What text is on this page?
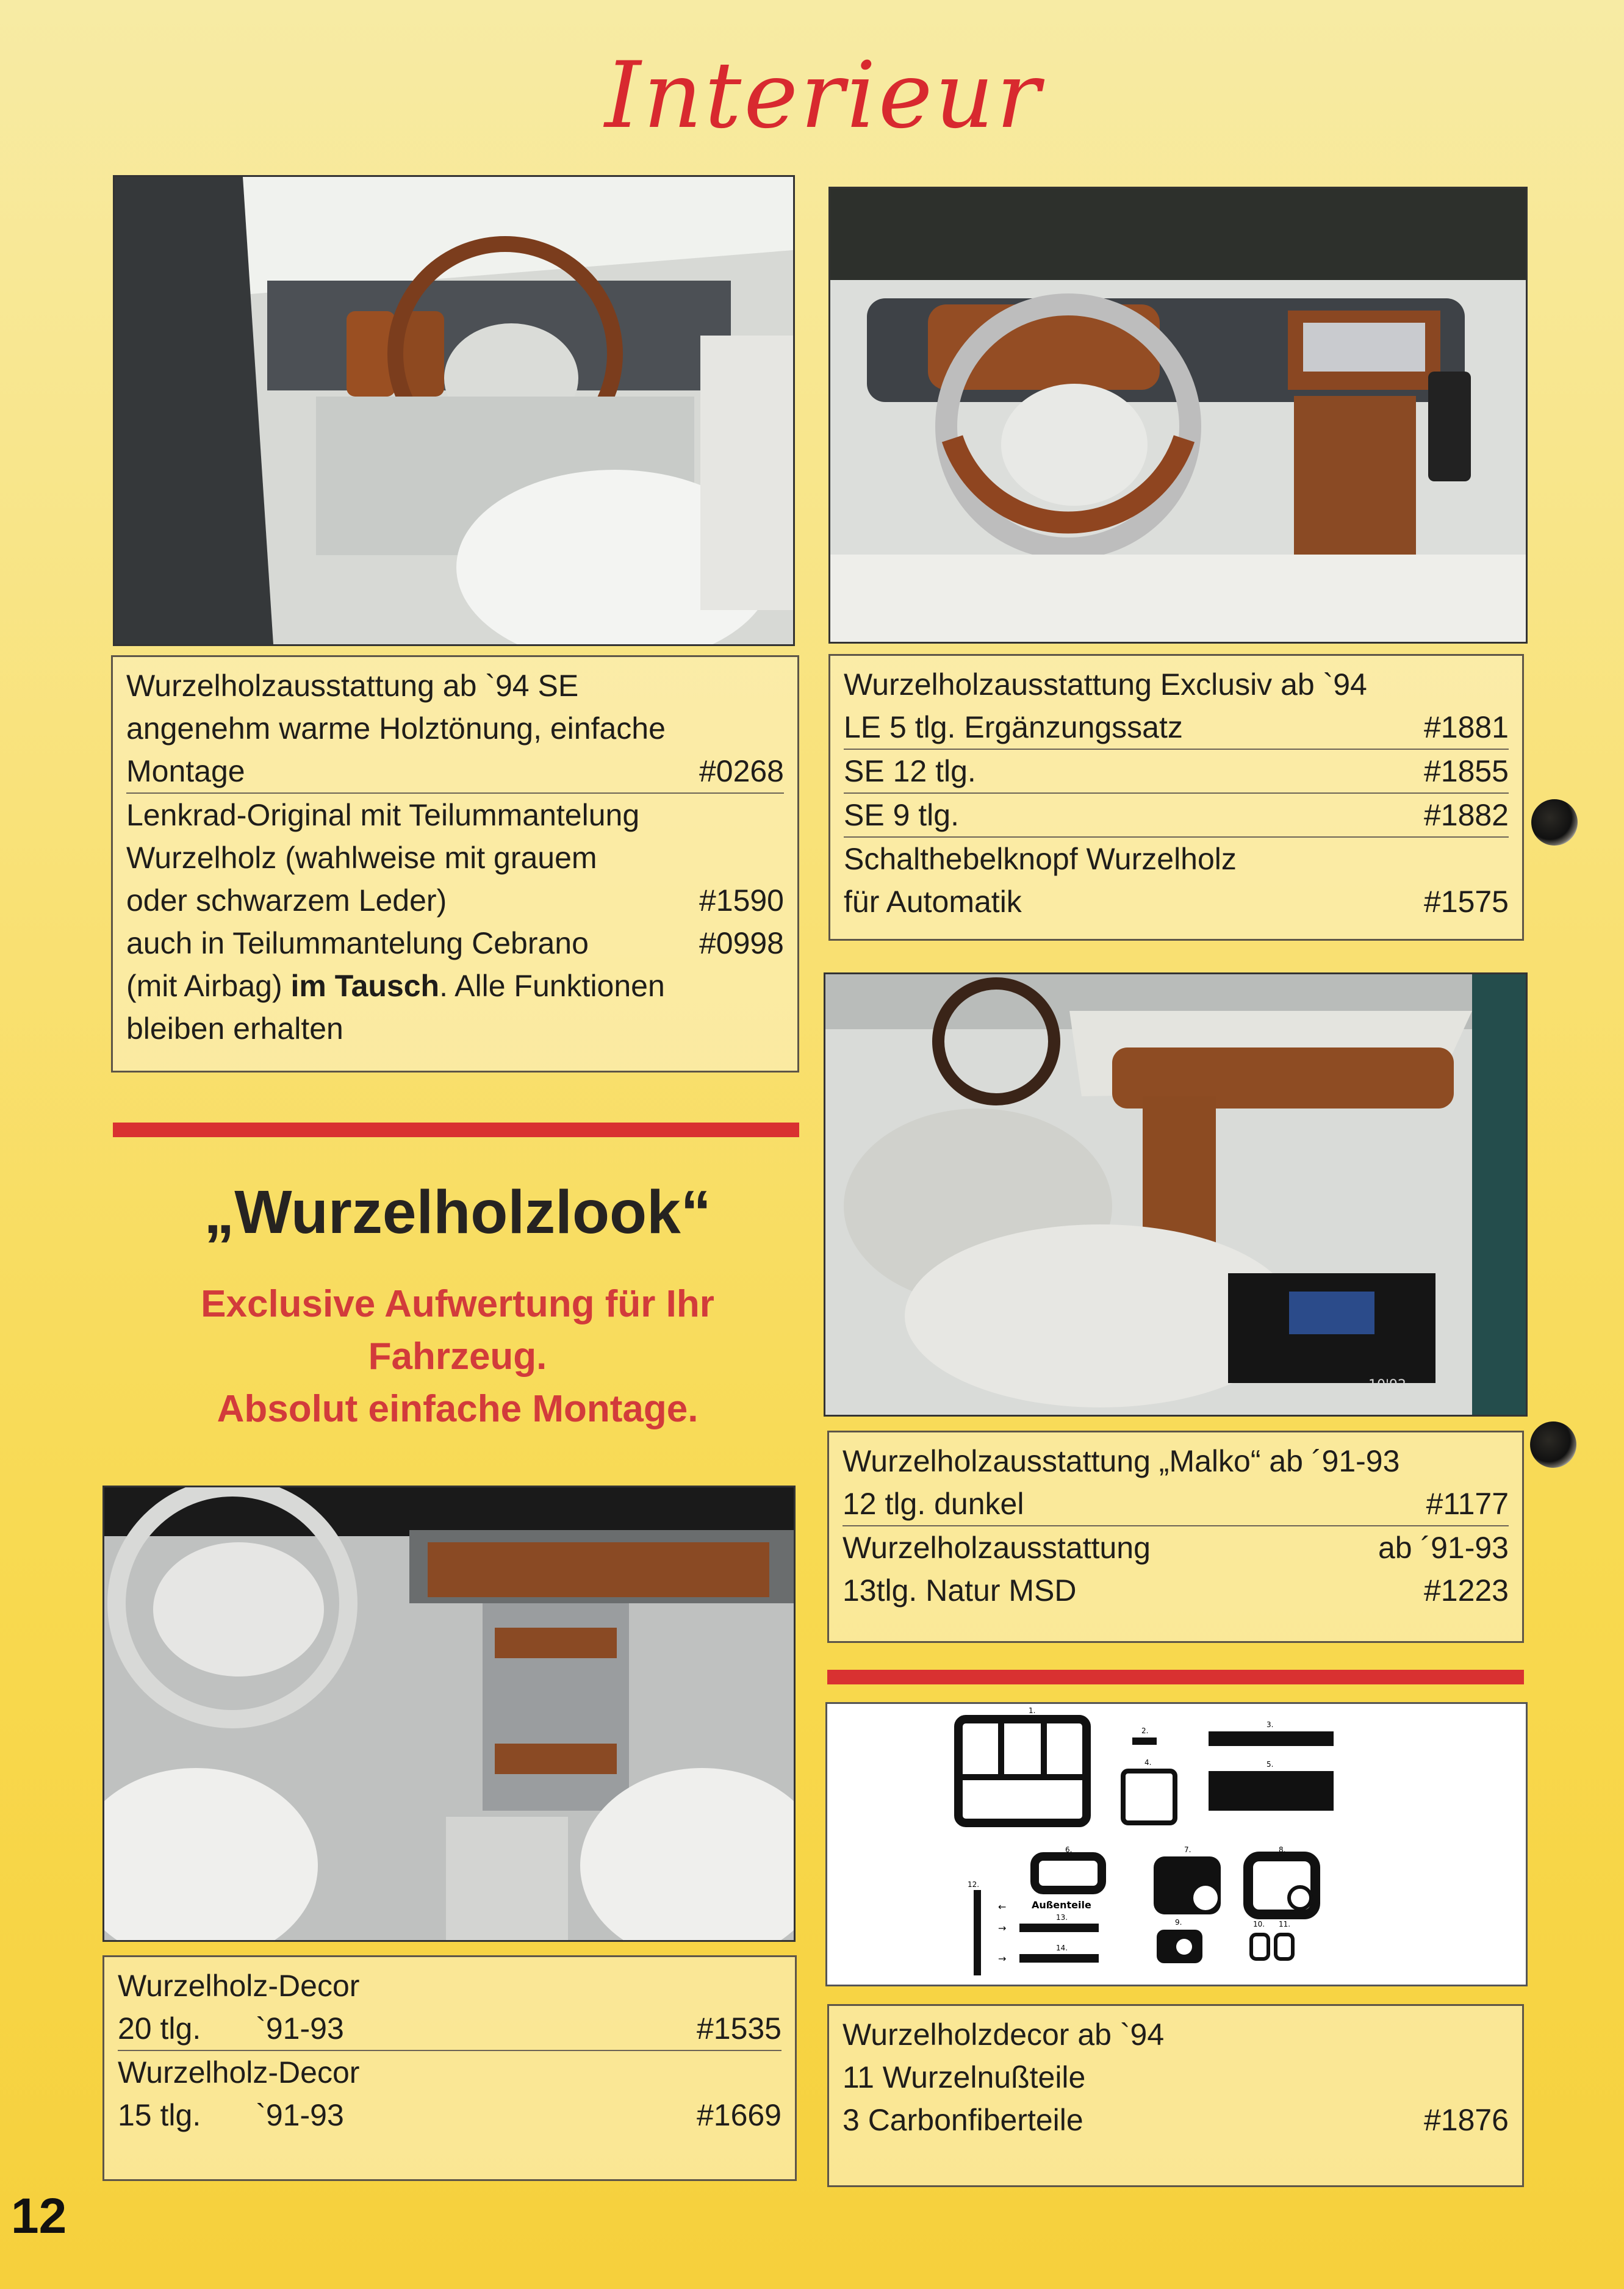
Interieur
Wurzelholzausstattung ab `94 SE
angenehm warme Holztönung, einfache
Montage	#0268
Lenkrad-Original mit Teilummantelung
Wurzelholz (wahlweise mit grauem
oder schwarzem Leder)	#1590
auch in Teilummantelung Cebrano	#0998
(mit Airbag) im Tausch. Alle Funktionen
bleiben erhalten
Wurzelholzausstattung Exclusiv ab `94
LE 5 tlg. Ergänzungssatz	#1881
SE 12 tlg.	#1855
SE 9 tlg.	#1882
Schalthebelknopf Wurzelholz
für Automatik	#1575
10'92
„Wurzelholzlook“
Exclusive Aufwertung für Ihr Fahrzeug.
Absolut einfache Montage.
Wurzelholzausstattung „Malko“ ab ´91-93
12 tlg. dunkel	#1177
Wurzelholzausstattung	ab ´91-93
13tlg. Natur MSD	#1223
1.
2.
3.
4.	5.
6.	7.	8.
9.	10. 11.
12.
Außenteile
←
→
13.
→
14.
Wurzelholz-Decor
20 tlg.	`91-93	#1535
Wurzelholz-Decor
15 tlg.	`91-93	#1669
Wurzelholzdecor ab `94
11 Wurzelnußteile
3 Carbonfiberteile	#1876
12
